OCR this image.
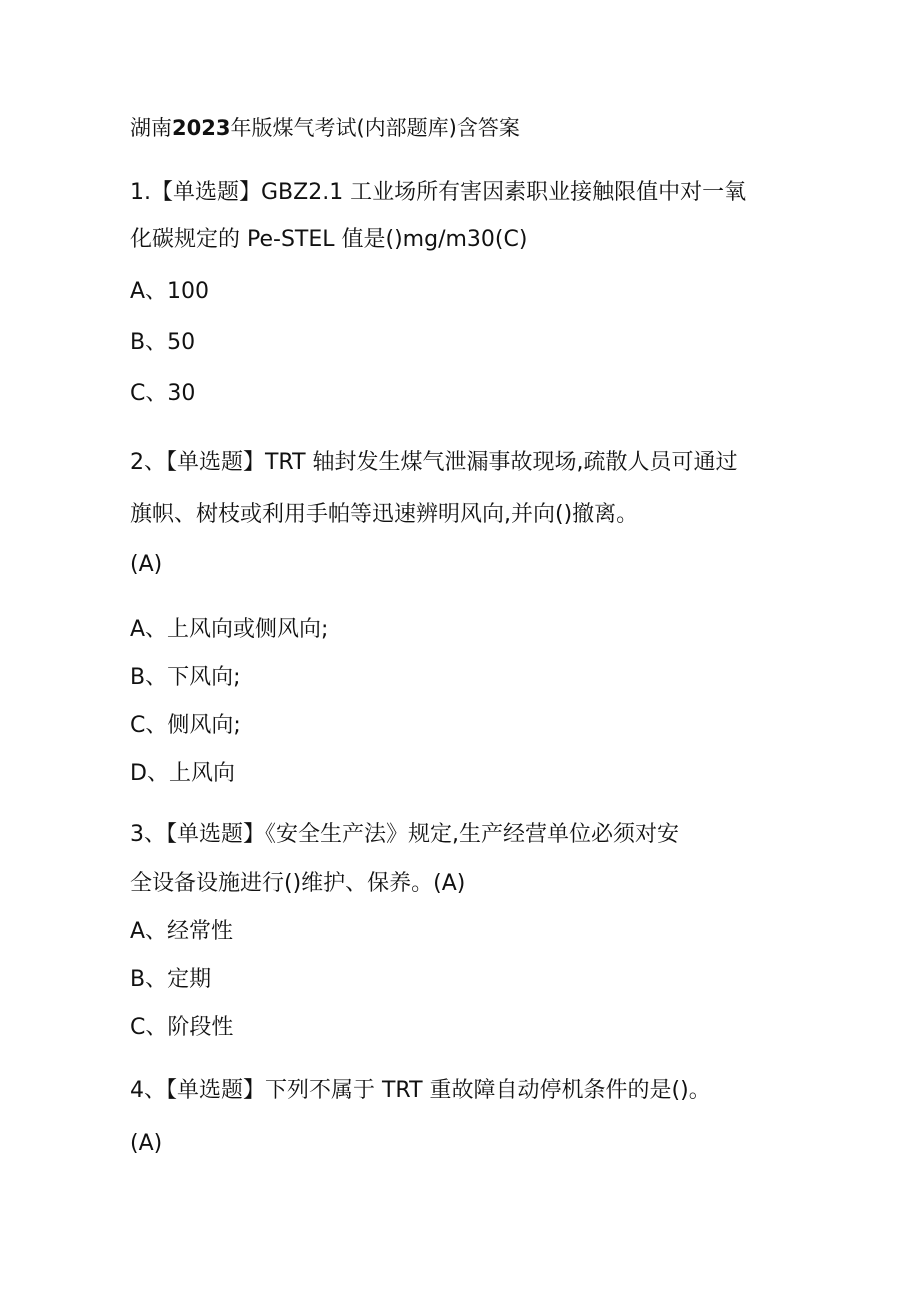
湖南2023年版煤气考试(内部题库)含答案
1.【单选题】GBZ2.1 工业场所有害因素职业接触限值中对一氧
化碳规定的 Pe-STEL 值是()mg/m30(C)
A、100
B、50
C、30
2、【单选题】TRT 轴封发生煤气泄漏事故现场,疏散人员可通过
旗帜、树枝或利用手帕等迅速辨明风向,并向()撤离。
(A)
A、上风向或侧风向;
B、下风向;
C、侧风向;
D、上风向
3、【单选题】《安全生产法》规定,生产经营单位必须对安
全设备设施进行()维护、保养。(A)
A、经常性
B、定期
C、阶段性
4、【单选题】下列不属于 TRT 重故障自动停机条件的是()。
(A)
